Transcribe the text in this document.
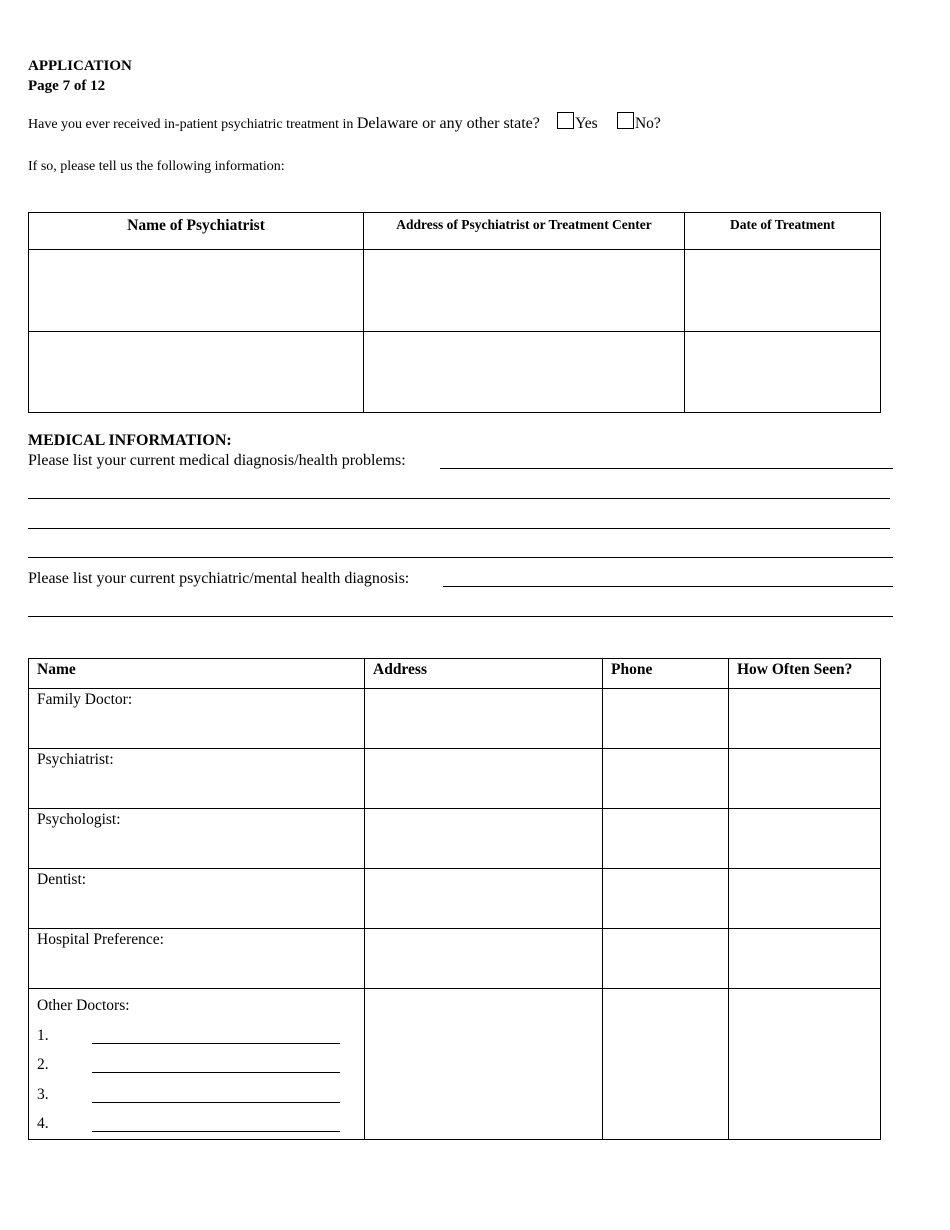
APPLICATION
Page 7 of 12
Have you ever received in-patient psychiatric treatment in Delaware or any other state? Yes No?
If so, please tell us the following information:
Name of Psychiatrist	Address of Psychiatrist or Treatment Center	Date of Treatment

MEDICAL INFORMATION:
Please list your current medical diagnosis/health problems:
Please list your current psychiatric/mental health diagnosis:
Name	Address	Phone	How Often Seen?
Family Doctor:			
Psychiatrist:			
Psychologist:			
Dentist:			
Hospital Preference:			

Other Doctors:
1.
2.
3.
4.			
